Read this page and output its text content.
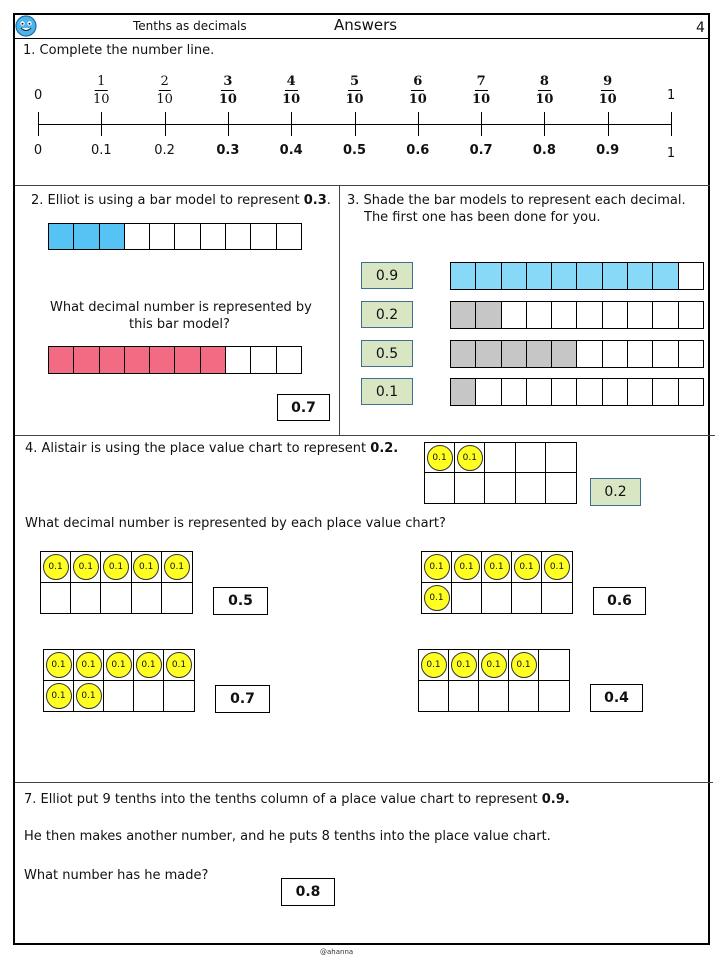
Tenths as decimals	Answers	4
1. Complete the number line.
0	1
$\frac{1}{10}$	$\frac{2}{10}$	$\frac{3}{10}$	$\frac{4}{10}$	$\frac{5}{10}$	$\frac{6}{10}$	$\frac{7}{10}$	$\frac{8}{10}$	$\frac{9}{10}$
0	0.1	0.2	0.3	0.4	0.5	0.6	0.7	0.8	0.9	1
2. Elliot is using a bar model to represent 0.3.
What decimal number is represented by
this bar model?
0.7
3. Shade the bar models to represent each decimal.
The first one has been done for you.
0.9
0.2
0.5
0.1
4. Alistair is using the place value chart to represent 0.2.
0.1	0.1
0.2
What decimal number is represented by each place value chart?
0.1	0.1	0.1	0.1	0.1
0.5
0.1	0.1	0.1	0.1	0.1
0.1	0.6
0.1	0.1	0.1	0.1	0.1
0.1	0.1	0.7
0.1	0.1	0.1	0.1
0.4
7. Elliot put 9 tenths into the tenths column of a place value chart to represent 0.9.
He then makes another number, and he puts 8 tenths into the place value chart.
What number has he made?
0.8
@ahanna
